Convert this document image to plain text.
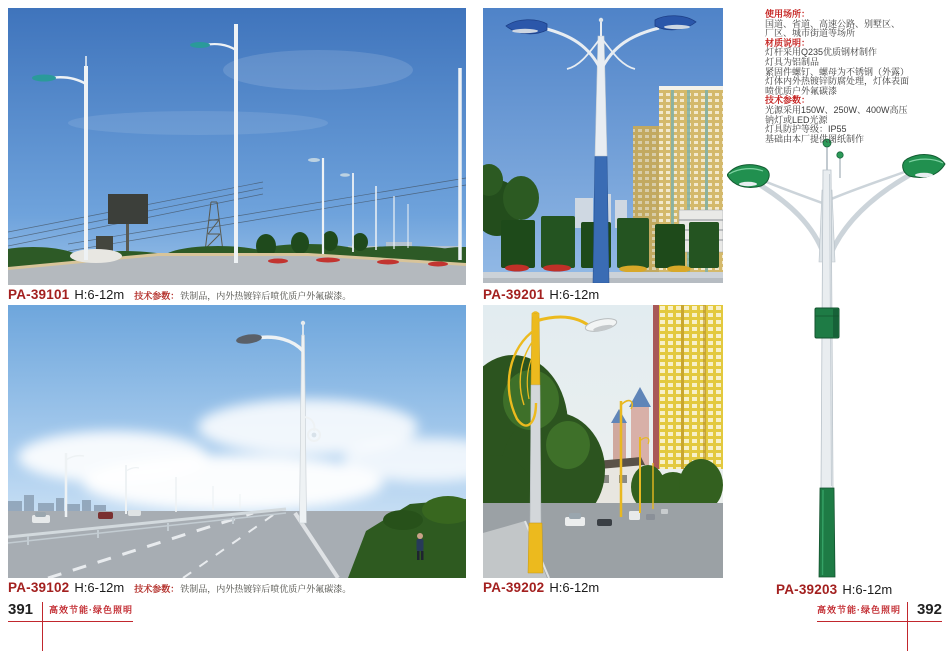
使用场所：
国道、省道、高速公路、别墅区、
厂区、城市街道等场所
材质说明：
灯杆采用Q235优质钢材制作
灯具为铝制品
紧固件螺钉、螺母为不锈钢（外露）
灯体内外热镀锌防腐处理，灯体表面
喷优质户外氟碳漆
技术参数：
光源采用150W、250W、400W高压
钠灯或LED光源
灯具防护等级：IP55
基础由本厂提供图纸制作
PA-39101 H:6-12m 技术参数： 铁制品，内外热镀锌后喷优质户外氟碳漆。
PA-39102 H:6-12m 技术参数： 铁制品，内外热镀锌后喷优质户外氟碳漆。
PA-39201 H:6-12m
PA-39202 H:6-12m	PA-39203 H:6-12m
391	高效节能·绿色照明	高效节能·绿色照明	392
